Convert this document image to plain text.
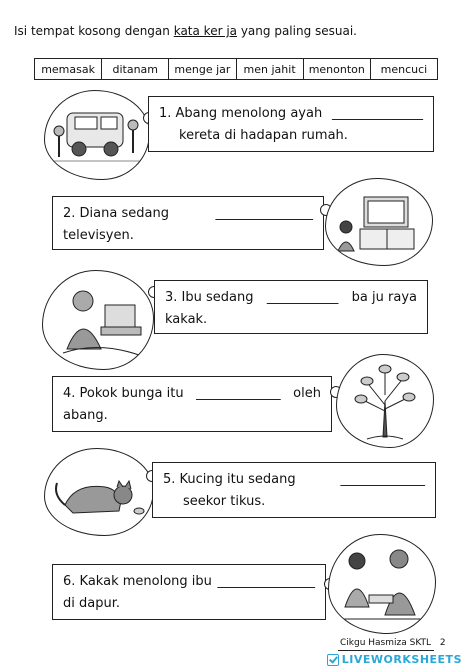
Isi tempat kosong dengan kata ker ja yang paling sesuai.
memasak	ditanam	menge jar	men jahit	menonton	mencuci
1. Abang menolong ayah ______________
kereta di hadapan rumah.
2. Diana sedang	_______________
televisyen.
3. Ibu sedang ___________ ba ju raya
kakak.
4. Pokok bunga itu _____________ oleh
abang.
5. Kucing itu sedang	_____________
seekor tikus.
6. Kakak menolong ibu _______________
di dapur.
Cikgu Hasmiza SKTL 2
LIVEWORKSHEETS
